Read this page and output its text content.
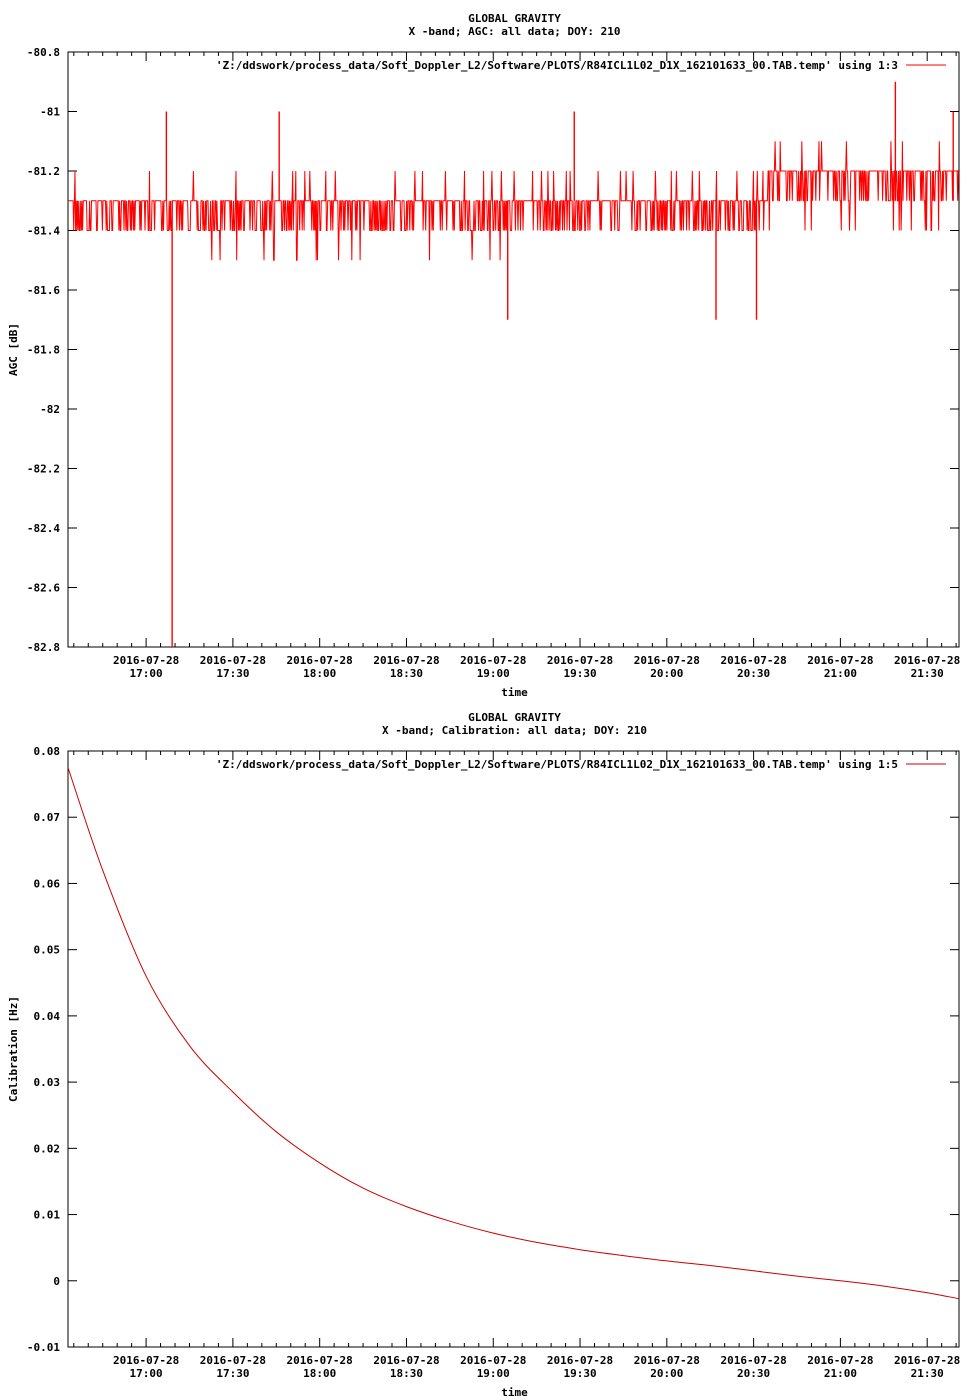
GLOBAL GRAVITY
X -band; AGC: all data; DOY: 210
-80.8
-81
-81.2
-81.4
-81.6
-81.8
-82
-82.2
-82.4
-82.6
-82.8
2016-07-28
17:00
2016-07-28
17:30
2016-07-28
18:00
2016-07-28
18:30
2016-07-28
19:00
2016-07-28
19:30
2016-07-28
20:00
2016-07-28
20:30
2016-07-28
21:00
2016-07-28
21:30
time
AGC [dB]
'Z:/ddswork/process_data/Soft_Doppler_L2/Software/PLOTS/R84ICL1L02_D1X_162101633_00.TAB.temp' using 1:3
GLOBAL GRAVITY
X -band; Calibration: all data; DOY: 210
0.08
0.07
0.06
0.05
0.04
0.03
0.02
0.01
0
-0.01
2016-07-28
17:00
2016-07-28
17:30
2016-07-28
18:00
2016-07-28
18:30
2016-07-28
19:00
2016-07-28
19:30
2016-07-28
20:00
2016-07-28
20:30
2016-07-28
21:00
2016-07-28
21:30
time
Calibration [Hz]
'Z:/ddswork/process_data/Soft_Doppler_L2/Software/PLOTS/R84ICL1L02_D1X_162101633_00.TAB.temp' using 1:5
